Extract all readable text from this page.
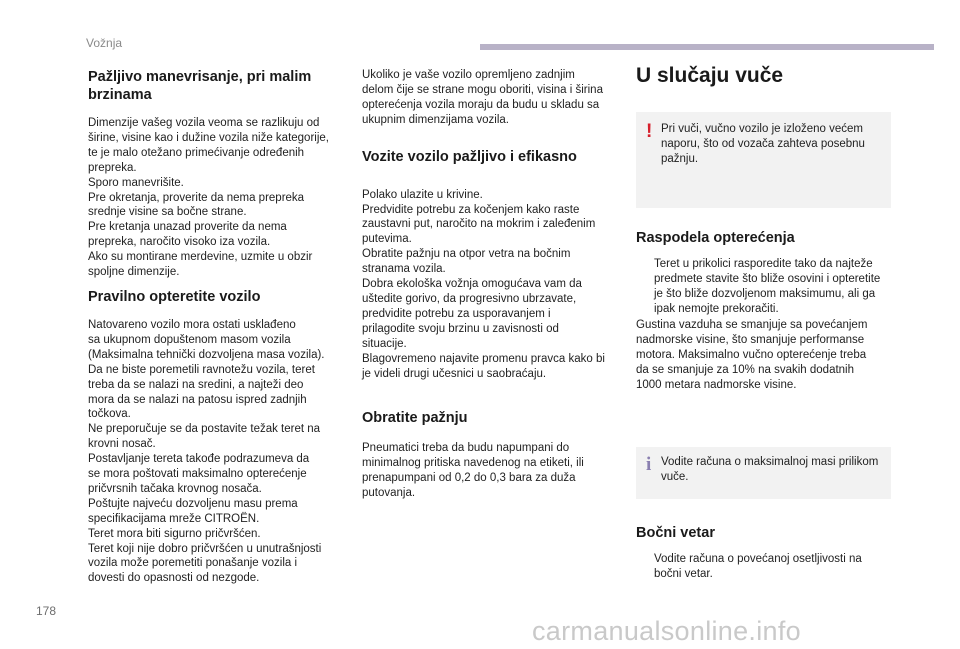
Vožnja
Pažljivo manevrisanje, pri malim
brzinama

Dimenzije vašeg vozila veoma se razlikuju od
širine, visine kao i dužine vozila niže kategorije,
te je malo otežano primećivanje određenih
prepreka.
Sporo manevrišite.
Pre okretanja, proverite da nema prepreka
srednje visine sa bočne strane.
Pre kretanja unazad proverite da nema
prepreka, naročito visoko iza vozila.
Ako su montirane merdevine, uzmite u obzir
spoljne dimenzije.

Pravilno opteretite vozilo

Natovareno vozilo mora ostati usklađeno
sa ukupnom dopuštenom masom vozila
(Maksimalna tehnički dozvoljena masa vozila).
Da ne biste poremetili ravnotežu vozila, teret
treba da se nalazi na sredini, a najteži deo
mora da se nalazi na patosu ispred zadnjih
točkova.
Ne preporučuje se da postavite težak teret na
krovni nosač.
Postavljanje tereta takođe podrazumeva da
se mora poštovati maksimalno opterećenje
pričvrsnih tačaka krovnog nosača.
Poštujte najveću dozvoljenu masu prema
specifikacijama mreže CITROËN.
Teret mora biti sigurno pričvršćen.
Teret koji nije dobro pričvršćen u unutrašnjosti
vozila može poremetiti ponašanje vozila i
dovesti do opasnosti od nezgode.

Ukoliko je vaše vozilo opremljeno zadnjim
delom čije se strane mogu oboriti, visina i širina
opterećenja vozila moraju da budu u skladu sa
ukupnim dimenzijama vozila.

Vozite vozilo pažljivo i efikasno

Polako ulazite u krivine.
Predvidite potrebu za kočenjem kako raste
zaustavni put, naročito na mokrim i zaleđenim
putevima.
Obratite pažnju na otpor vetra na bočnim
stranama vozila.
Dobra ekološka vožnja omogućava vam da
uštedite gorivo, da progresivno ubrzavate,
predvidite potrebu za usporavanjem i
prilagodite svoju brzinu u zavisnosti od
situacije.
Blagovremeno najavite promenu pravca kako bi
je videli drugi učesnici u saobraćaju.

Obratite pažnju

Pneumatici treba da budu napumpani do
minimalnog pritiska navedenog na etiketi, ili
prenapumpani od 0,2 do 0,3 bara za duža
putovanja.

U slučaju vuče
! Pri vuči, vučno vozilo je izloženo većem
naporu, što od vozača zahteva posebnu
pažnju.

Raspodela opterećenja

Teret u prikolici rasporedite tako da najteže
predmete stavite što bliže osovini i opteretite
je što bliže dozvoljenom maksimumu, ali ga
ipak nemojte prekoračiti.

Gustina vazduha se smanjuje sa povećanjem
nadmorske visine, što smanjuje performanse
motora. Maksimalno vučno opterećenje treba
da se smanjuje za 10% na svakih dodatnih
1000 metara nadmorske visine.

i Vodite računa o maksimalnoj masi prilikom
vuče.

Bočni vetar

Vodite računa o povećanoj osetljivosti na
bočni vetar.

178
carmanualsonline.info
